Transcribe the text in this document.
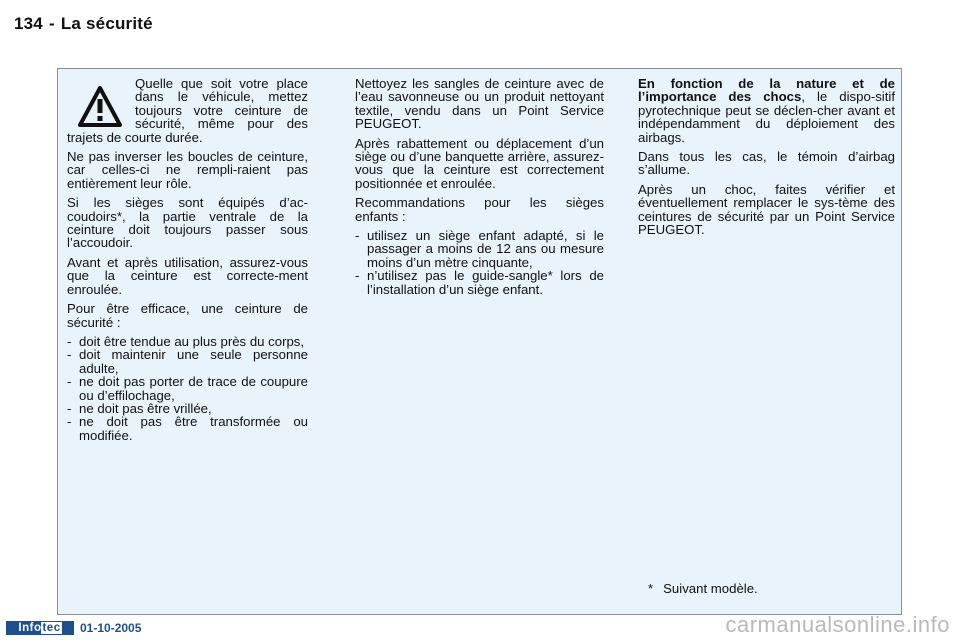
134 - La sécurité

Quelle que soit votre place dans le véhicule, mettez toujours votre ceinture de sécurité, même pour des trajets de courte durée.

Ne pas inverser les boucles de ceinture, car celles-ci ne rempli-raient pas entièrement leur rôle.

Si les sièges sont équipés d’ac-coudoirs*, la partie ventrale de la ceinture doit toujours passer sous l’accoudoir.

Avant et après utilisation, assurez-vous que la ceinture est correcte-ment enroulée.

Pour être efficace, une ceinture de sécurité :

- doit être tendue au plus près du corps,
- doit maintenir une seule personne adulte,
- ne doit pas porter de trace de coupure ou d’effilochage,
- ne doit pas être vrillée,
- ne doit pas être transformée ou modifiée.

Nettoyez les sangles de ceinture avec de l’eau savonneuse ou un produit nettoyant textile, vendu dans un Point Service PEUGEOT.

Après rabattement ou déplacement d’un siège ou d’une banquette arrière, assurez-vous que la ceinture est correctement positionnée et enroulée.

Recommandations pour les sièges enfants :

- utilisez un siège enfant adapté, si le passager a moins de 12 ans ou mesure moins d’un mètre cinquante,
- n’utilisez pas le guide-sangle* lors de l’installation d’un siège enfant.

En fonction de la nature et de l’importance des chocs, le dispo-sitif pyrotechnique peut se déclen-cher avant et indépendamment du déploiement des airbags.

Dans tous les cas, le témoin d’airbag s’allume.

Après un choc, faites vérifier et éventuellement remplacer le sys-tème des ceintures de sécurité par un Point Service PEUGEOT.

* Suivant modèle.
Infotec	01-10-2005	carmanualsonline.info
